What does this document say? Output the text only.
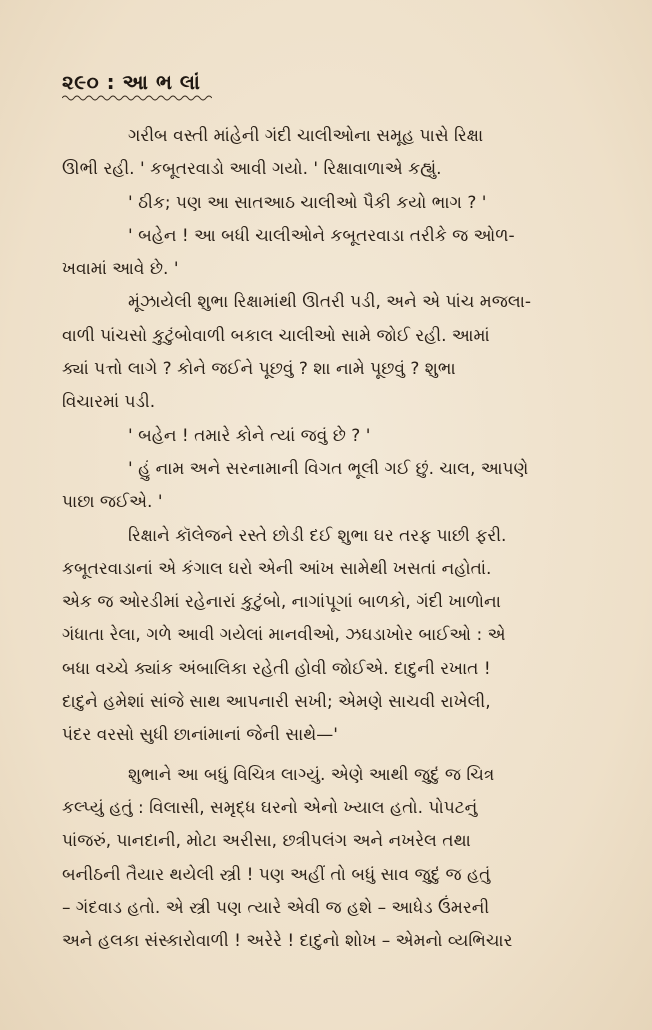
૨૯૦ : આ ભ લાં
ગરીબ વસ્તી માંહેની ગંદી ચાલીઓના સમૂહ પાસે રિક્ષા
ઊભી રહી. ' કબૂતરવાડો આવી ગયો. ' રિક્ષાવાળાએ કહ્યું.
' ઠીક; પણ આ સાતઆઠ ચાલીઓ પૈકી કયો ભાગ ? '
' બહેન ! આ બધી ચાલીઓને કબૂતરવાડા તરીકે જ ઓળ-
ખવામાં આવે છે. '
મૂંઝાયેલી શુભા રિક્ષામાંથી ઊતરી પડી, અને એ પાંચ મજલા-
વાળી પાંચસો કુટુંબોવાળી બકાલ ચાલીઓ સામે જોઈ રહી. આમાં
ક્યાં પત્તો લાગે ? કોને જઈને પૂછવું ? શા નામે પૂછવું ? શુભા
વિચારમાં પડી.
' બહેન ! તમારે કોને ત્યાં જવું છે ? '
' હું નામ અને સરનામાની વિગત ભૂલી ગઈ છું. ચાલ, આપણે
પાછા જઈએ. '
રિક્ષાને કૉલેજને રસ્તે છોડી દઈ શુભા ઘર તરફ પાછી ફરી.
કબૂતરવાડાનાં એ કંગાલ ઘરો એની આંખ સામેથી ખસતાં નહોતાં.
એક જ ઓરડીમાં રહેનારાં કુટુંબો, નાગાંપૂગાં બાળકો, ગંદી ખાળોના
ગંધાતા રેલા, ગળે આવી ગયેલાં માનવીઓ, ઝઘડાખોર બાઈઓ : એ
બધા વચ્ચે ક્યાંક અંબાલિકા રહેતી હોવી જોઈએ. દાદુની રખાત !
દાદુને હમેશાં સાંજે સાથ આપનારી સખી; એમણે સાચવી રાખેલી,
પંદર વરસો સુધી છાનાંમાનાં જેની સાથે—'
શુભાને આ બધું વિચિત્ર લાગ્યું. એણે આથી જુદું જ ચિત્ર
કલ્પ્યું હતું : વિલાસી, સમૃદ્ધ ઘરનો એનો ખ્યાલ હતો. પોપટનું
પાંજરું, પાનદાની, મોટા અરીસા, છત્રીપલંગ અને નખરેલ તથા
બનીઠની તૈયાર થયેલી સ્ત્રી ! પણ અહીં તો બધું સાવ જુદું જ હતું
– ગંદવાડ હતો. એ સ્ત્રી પણ ત્યારે એવી જ હશે – આધેડ ઉંમરની
અને હલકા સંસ્કારોવાળી ! અરેરે ! દાદુનો શોખ – એમનો વ્યભિચાર
